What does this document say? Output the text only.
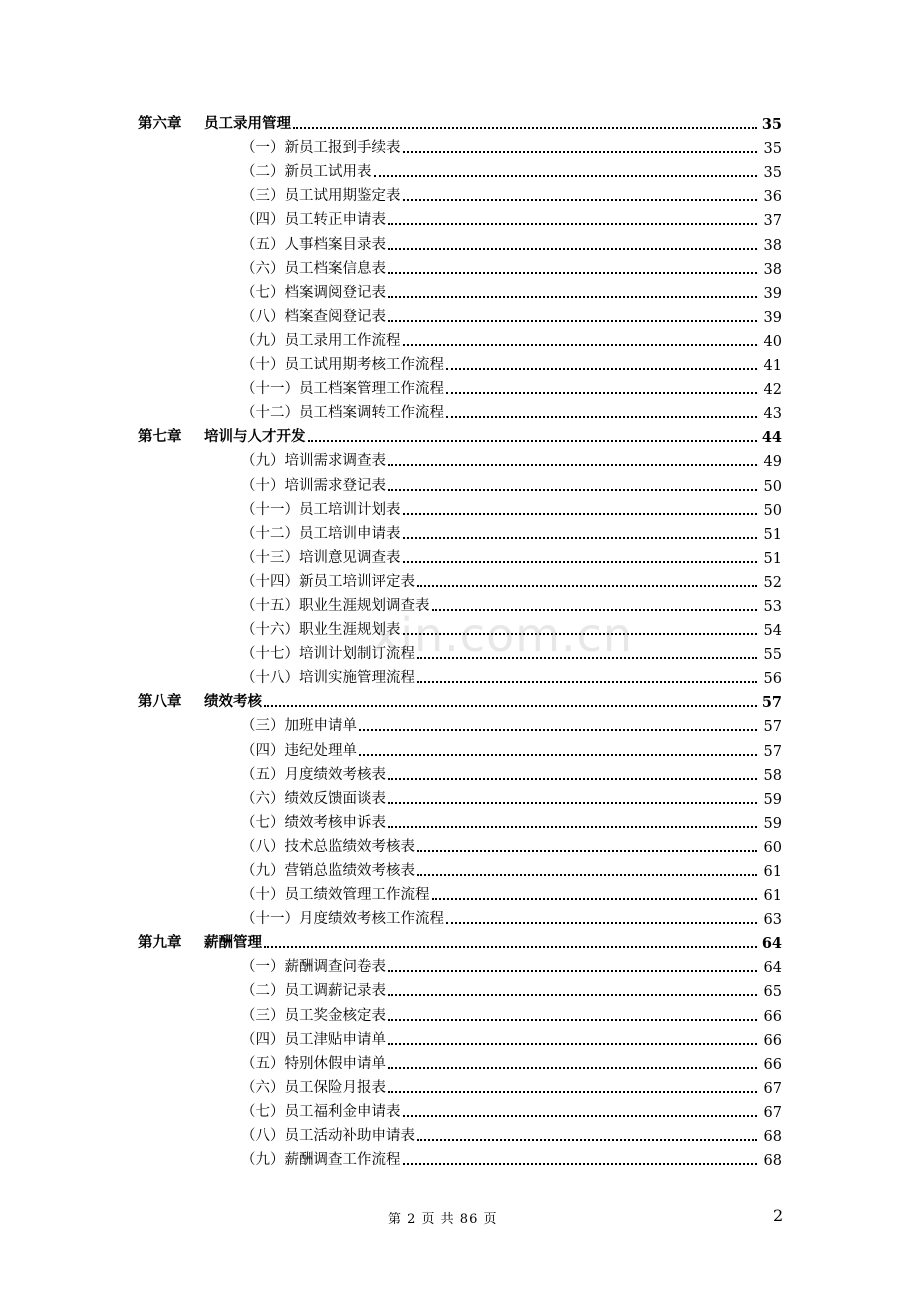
第六章	员工录用管理	35
（一）新员工报到手续表	35
（二）新员工试用表	35
（三）员工试用期鉴定表	36
（四）员工转正申请表	37
（五）人事档案目录表	38
（六）员工档案信息表	38
（七）档案调阅登记表	39
（八）档案查阅登记表	39
（九）员工录用工作流程	40
（十）员工试用期考核工作流程	41
（十一）员工档案管理工作流程	42
（十二）员工档案调转工作流程	43
第七章	培训与人才开发	44
（九）培训需求调查表	49
（十）培训需求登记表	50
（十一）员工培训计划表	50
（十二）员工培训申请表	51
（十三）培训意见调查表	51
（十四）新员工培训评定表	52
（十五）职业生涯规划调查表	53
（十六）职业生涯规划表	54
（十七）培训计划制订流程	55
（十八）培训实施管理流程	56
第八章	绩效考核	57
（三）加班申请单	57
（四）违纪处理单	57
（五）月度绩效考核表	58
（六）绩效反馈面谈表	59
（七）绩效考核申诉表	59
（八）技术总监绩效考核表	60
（九）营销总监绩效考核表	61
（十）员工绩效管理工作流程	61
（十一）月度绩效考核工作流程	63
第九章	薪酬管理	64
（一）薪酬调查问卷表	64
（二）员工调薪记录表	65
（三）员工奖金核定表	66
（四）员工津贴申请单	66
（五）特别休假申请单	66
（六）员工保险月报表	67
（七）员工福利金申请表	67
（八）员工活动补助申请表	68
（九）薪酬调查工作流程	68
xin.com.cn
第 2 页 共 86 页	2
